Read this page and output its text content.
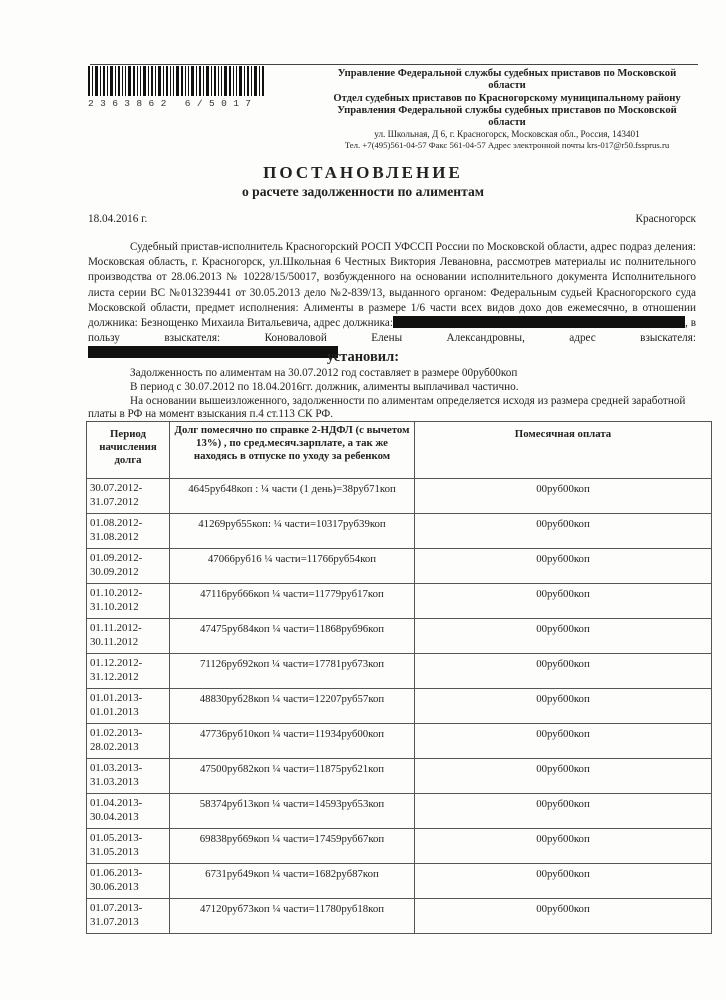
2363862 6/5017
Управление Федеральной службы судебных приставов по Московской
области
Отдел судебных приставов по Красногорскому муниципальному району
Управления Федеральной службы судебных приставов по Московской
области
ул. Школьная, Д 6, г. Красногорск, Московская обл., Россия, 143401
Тел. +7(495)561-04-57 Факс 561-04-57 Адрес электронной почты krs-017@r50.fssprus.ru
ПОСТАНОВЛЕНИЕ
о расчете задолженности по алиментам
18.04.2016 г.	Красногорск

Судебный пристав-исполнитель Красногорский РОСП УФССП России по Московской области, адрес подраз деления: Московская область, г. Красногорск, ул.Школьная 6 Честных Виктория Левановна, рассмотрев материалы ис полнительного производства от 28.06.2013 № 10228/15/50017, возбужденного на основании исполнительного документа Исполнительного листа серии ВС №013239441 от 30.05.2013 дело №2-839/13, выданного органом: Федеральным судьей Красногорского суда Московской области, предмет исполнения: Алименты в размере 1/6 части всех видов дохо дов ежемесячно, в отношении должника: Безнощенко Михаила Витальевича, адрес должника:	, в пользу взыскателя: Коноваловой Елены Александровны, адрес взыскателя:

установил:

Задолженность по алиментам на 30.07.2012 год составляет в размере 00руб00коп

В период с 30.07.2012 по 18.04.2016гг. должник, алименты выплачивал частично.

На основании вышеизложенного, задолженности по алиментам определяется исходя из размера средней заработной платы в РФ на момент взыскания п.4 ст.113 СК РФ.

Период начисления долга	Долг помесячно по справке 2-НДФЛ (с вычетом 13%) , по сред.месяч.зарплате, а так же находясь в отпуске по уходу за ребенком	Помесячная оплата
30.07.2012-31.07.2012	4645руб48коп : ¼ части (1 день)=38руб71коп	00руб00коп
01.08.2012-31.08.2012	41269руб55коп: ¼ части=10317руб39коп	00руб00коп
01.09.2012-30.09.2012	47066руб16 ¼ части=11766руб54коп	00руб00коп
01.10.2012-31.10.2012	47116руб66коп ¼ части=11779руб17коп	00руб00коп
01.11.2012-30.11.2012	47475руб84коп ¼ части=11868руб96коп	00руб00коп
01.12.2012-31.12.2012	71126руб92коп ¼ части=17781руб73коп	00руб00коп
01.01.2013-01.01.2013	48830руб28коп ¼ части=12207руб57коп	00руб00коп
01.02.2013-28.02.2013	47736руб10коп ¼ части=11934руб00коп	00руб00коп
01.03.2013-31.03.2013	47500руб82коп ¼ части=11875руб21коп	00руб00коп
01.04.2013-30.04.2013	58374руб13коп ¼ части=14593руб53коп	00руб00коп
01.05.2013-31.05.2013	69838руб69коп ¼ части=17459руб67коп	00руб00коп
01.06.2013-30.06.2013	6731руб49коп ¼ части=1682руб87коп	00руб00коп
01.07.2013-31.07.2013	47120руб73коп ¼ части=11780руб18коп	00руб00коп
